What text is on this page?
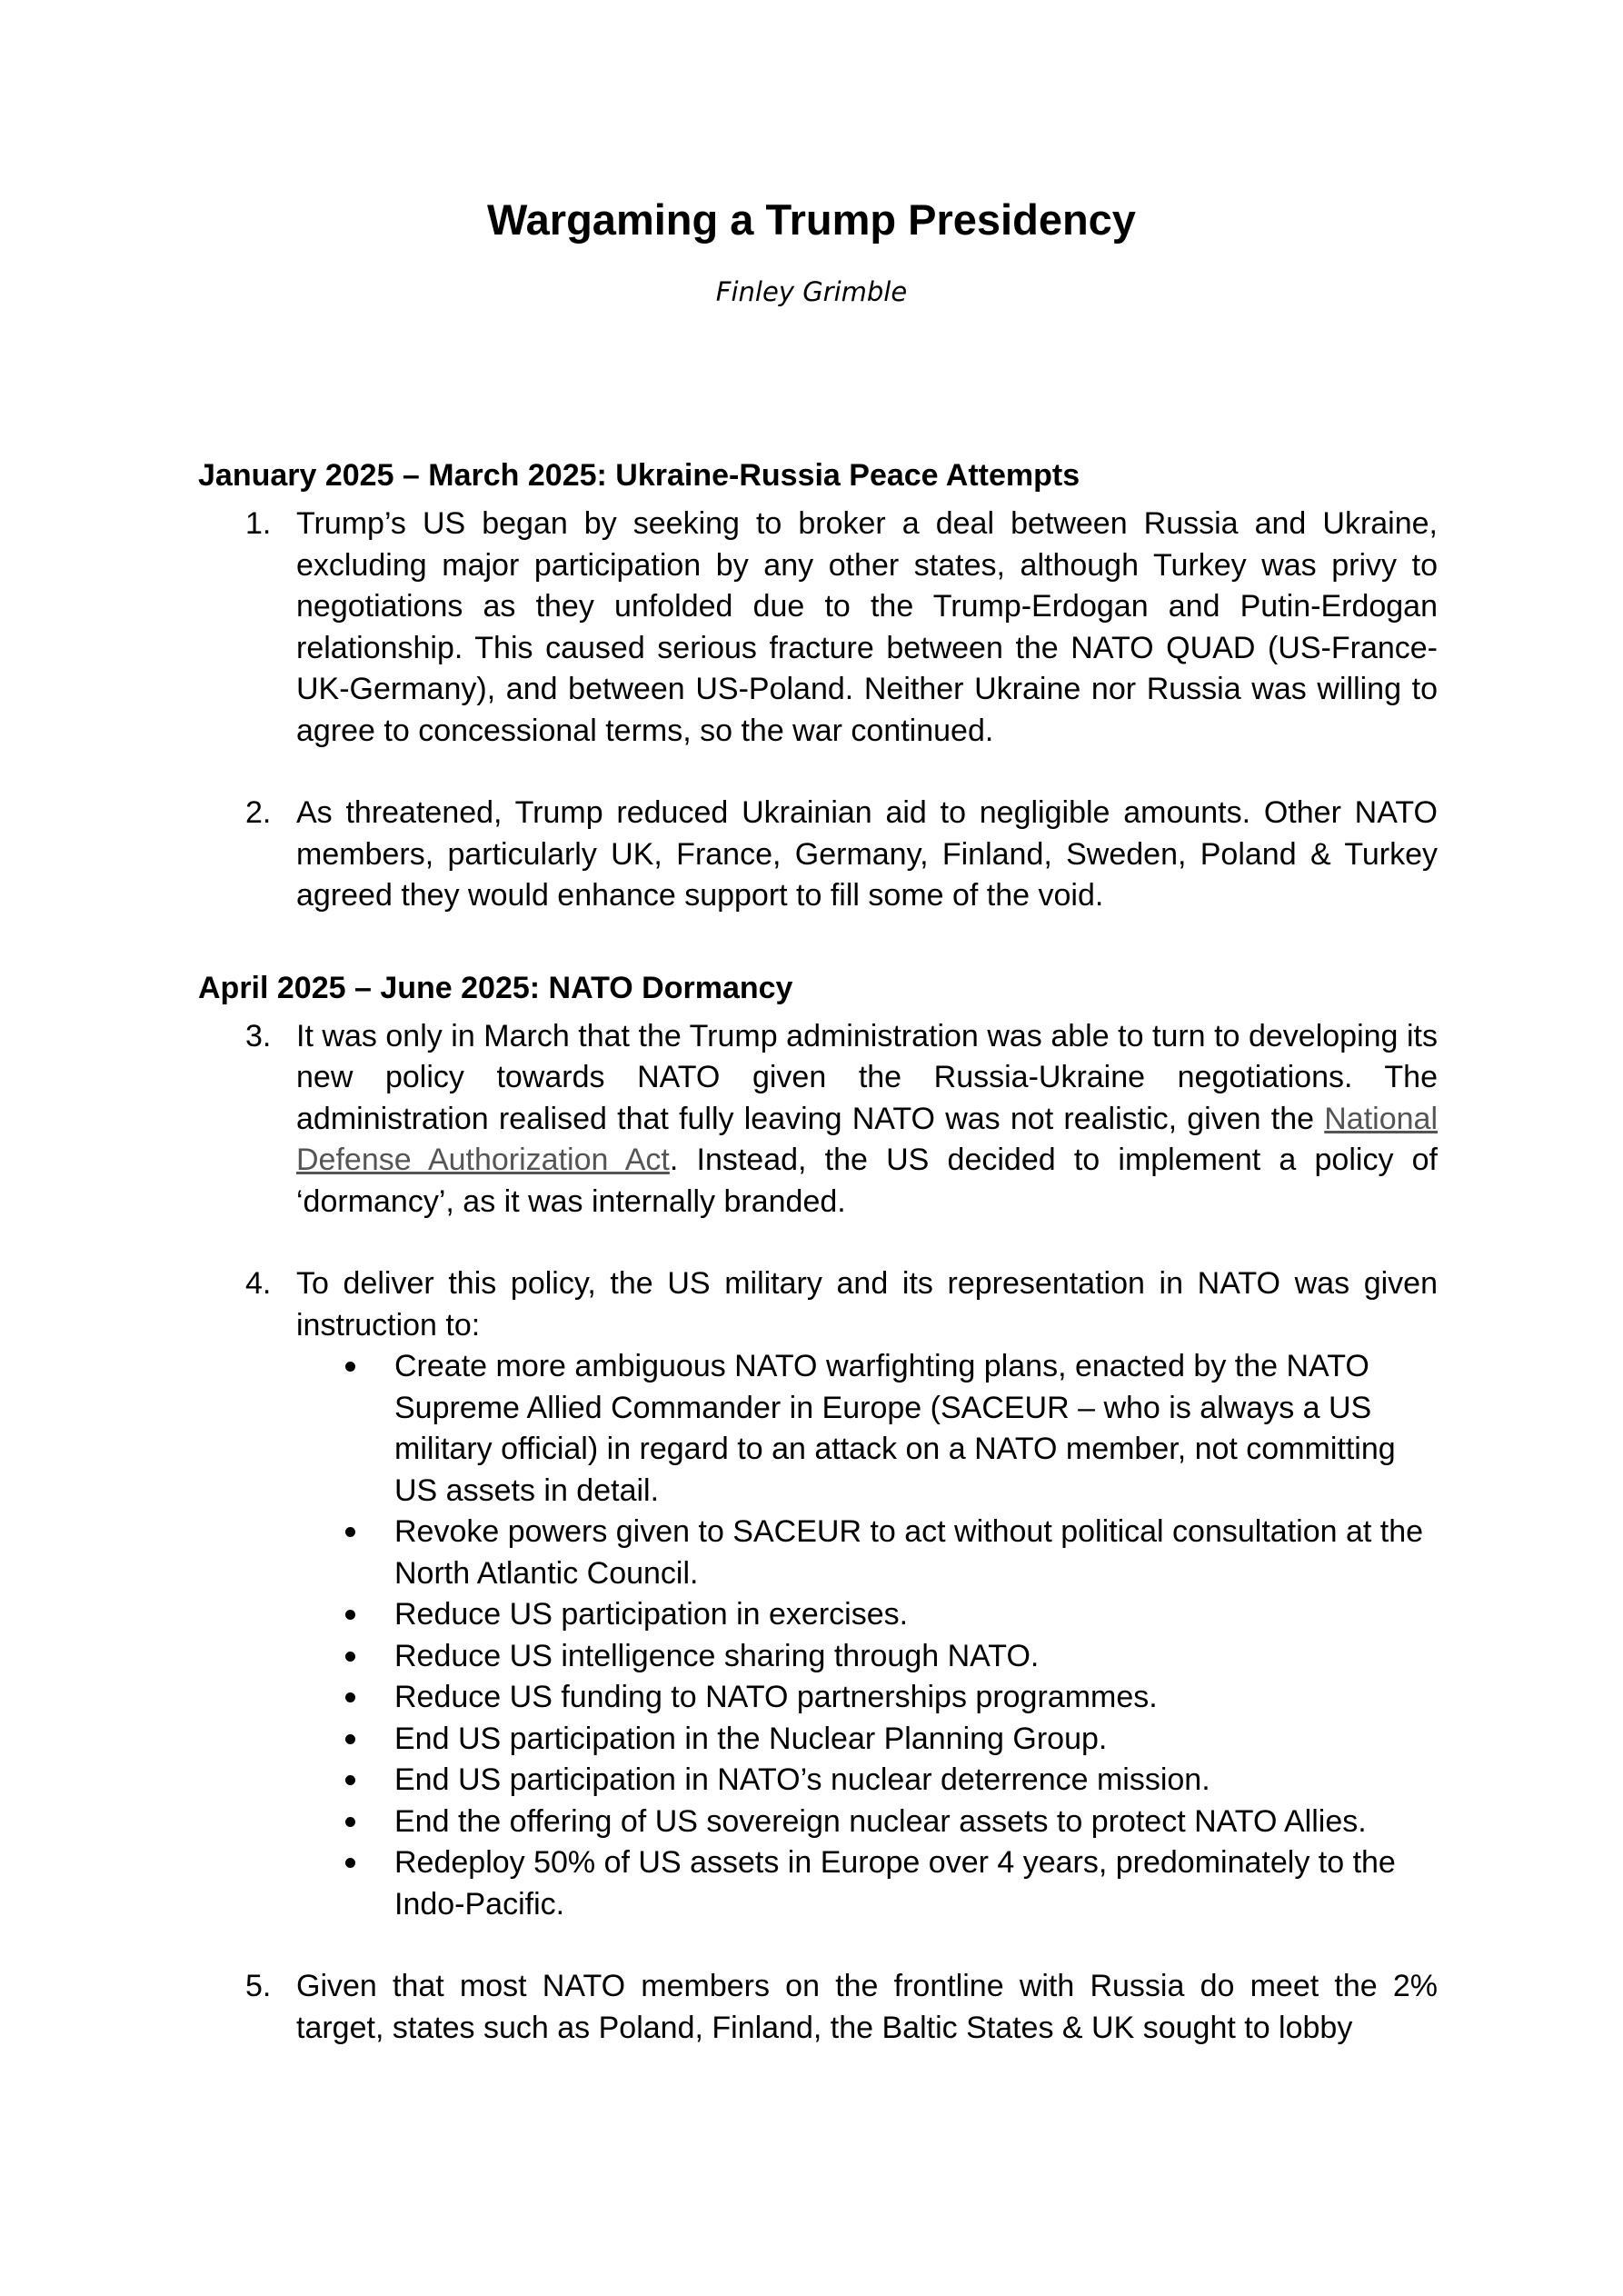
Wargaming a Trump Presidency
Finley Grimble
January 2025 – March 2025: Ukraine-Russia Peace Attempts
1. Trump’s US began by seeking to broker a deal between Russia and Ukraine, excluding major participation by any other states, although Turkey was privy to negotiations as they unfolded due to the Trump-Erdogan and Putin-Erdogan relationship. This caused serious fracture between the NATO QUAD (US-France-UK-Germany), and between US-Poland. Neither Ukraine nor Russia was willing to agree to concessional terms, so the war continued.

2. As threatened, Trump reduced Ukrainian aid to negligible amounts. Other NATO members, particularly UK, France, Germany, Finland, Sweden, Poland & Turkey agreed they would enhance support to fill some of the void.

April 2025 – June 2025: NATO Dormancy
3. It was only in March that the Trump administration was able to turn to developing its new policy towards NATO given the Russia-Ukraine negotiations. The administration realised that fully leaving NATO was not realistic, given the National Defense Authorization Act. Instead, the US decided to implement a policy of ‘dormancy’, as it was internally branded.

4. To deliver this policy, the US military and its representation in NATO was given instruction to:

Create more ambiguous NATO warfighting plans, enacted by the NATO Supreme Allied Commander in Europe (SACEUR – who is always a US military official) in regard to an attack on a NATO member, not committing US assets in detail.
Revoke powers given to SACEUR to act without political consultation at the North Atlantic Council.
Reduce US participation in exercises.
Reduce US intelligence sharing through NATO.
Reduce US funding to NATO partnerships programmes.
End US participation in the Nuclear Planning Group.
End US participation in NATO’s nuclear deterrence mission.
End the offering of US sovereign nuclear assets to protect NATO Allies.
Redeploy 50% of US assets in Europe over 4 years, predominately to the Indo-Pacific.
5. Given that most NATO members on the frontline with Russia do meet the 2% target, states such as Poland, Finland, the Baltic States & UK sought to lobby
